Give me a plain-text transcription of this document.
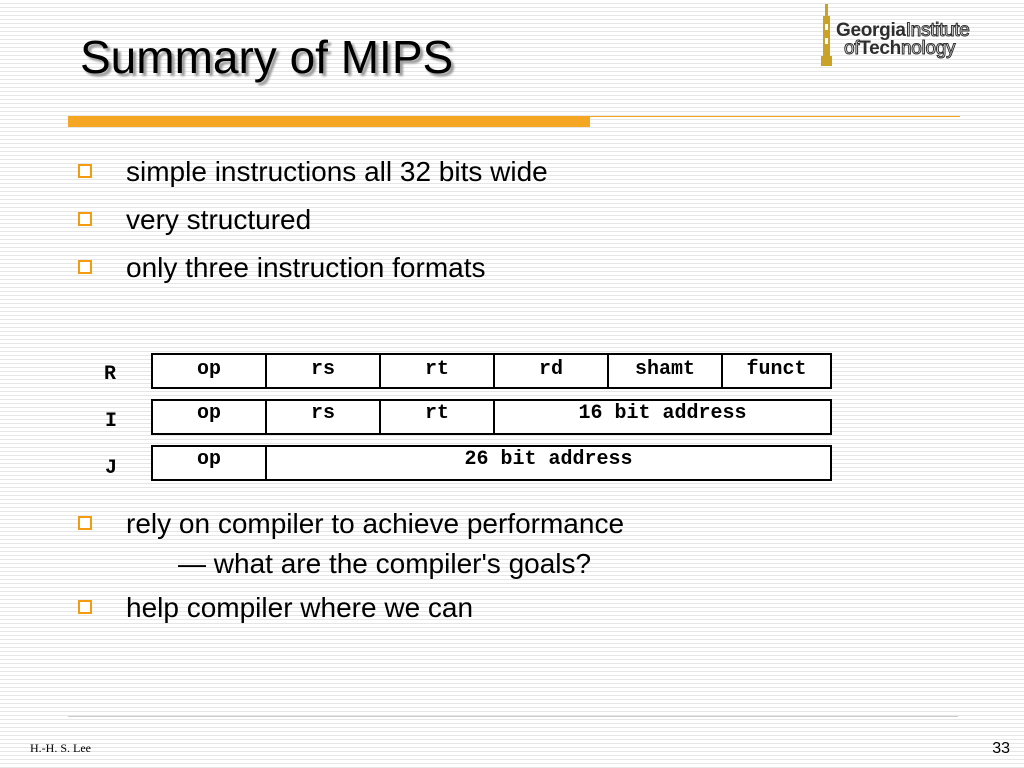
Summary of MIPS
GeorgiaInstitute
ofTechnology
simple instructions all 32 bits wide
very structured
only three instruction formats
R	op	rs	rt	rd	shamt	funct
I	op	rs	rt	16 bit address
J	op	26 bit address
rely on compiler to achieve performance
— what are the compiler's goals?
help compiler where we can
H.-H. S. Lee	33
